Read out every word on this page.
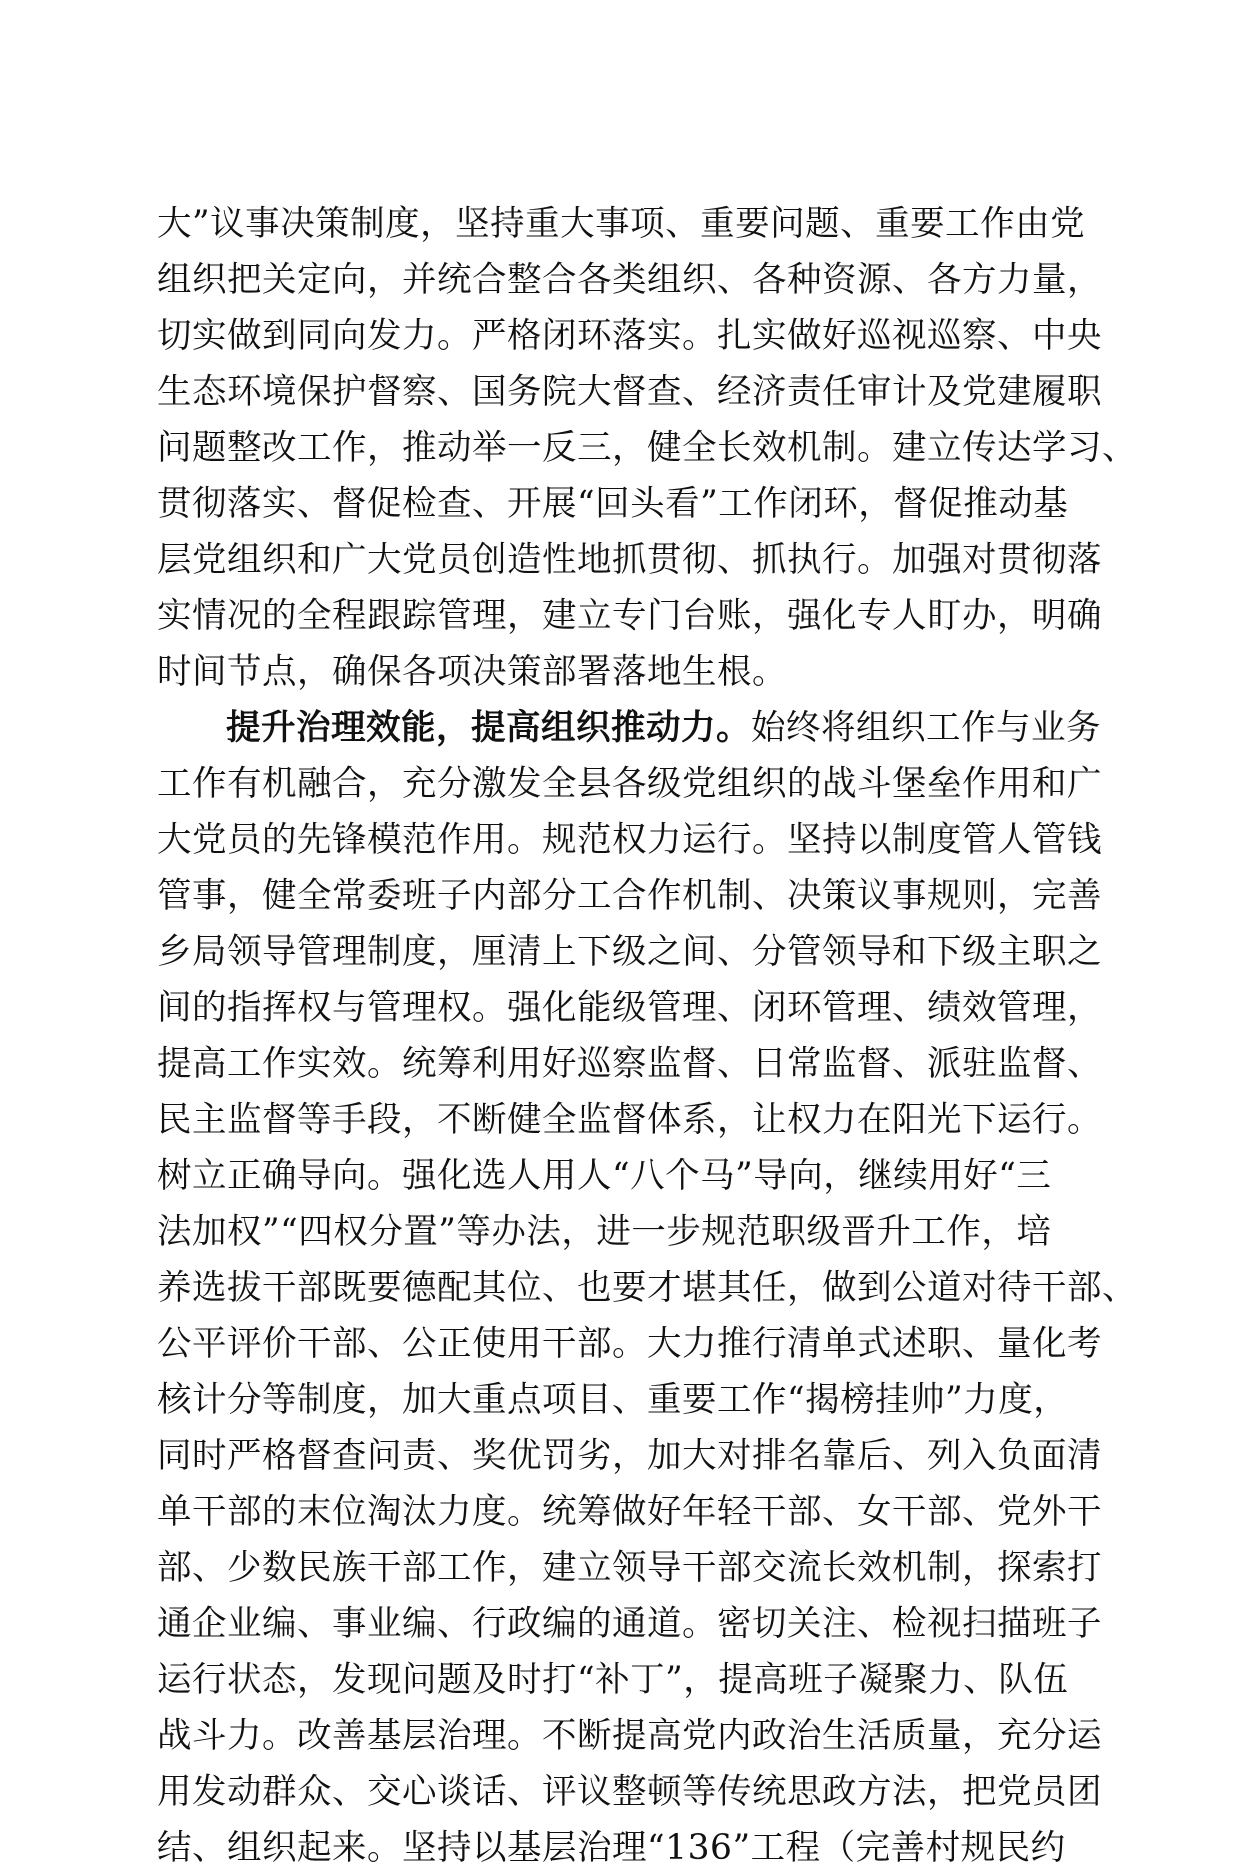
大”议事决策制度，坚持重大事项、重要问题、重要工作由党
组织把关定向，并统合整合各类组织、各种资源、各方力量，
切实做到同向发力。严格闭环落实。扎实做好巡视巡察、中央
生态环境保护督察、国务院大督查、经济责任审计及党建履职
问题整改工作，推动举一反三，健全长效机制。建立传达学习、
贯彻落实、督促检查、开展“回头看”工作闭环，督促推动基
层党组织和广大党员创造性地抓贯彻、抓执行。加强对贯彻落
实情况的全程跟踪管理，建立专门台账，强化专人盯办，明确
时间节点，确保各项决策部署落地生根。
提升治理效能，提高组织推动力。始终将组织工作与业务
工作有机融合，充分激发全县各级党组织的战斗堡垒作用和广
大党员的先锋模范作用。规范权力运行。坚持以制度管人管钱
管事，健全常委班子内部分工合作机制、决策议事规则，完善
乡局领导管理制度，厘清上下级之间、分管领导和下级主职之
间的指挥权与管理权。强化能级管理、闭环管理、绩效管理，
提高工作实效。统筹利用好巡察监督、日常监督、派驻监督、
民主监督等手段，不断健全监督体系，让权力在阳光下运行。
树立正确导向。强化选人用人“八个马”导向，继续用好“三
法加权”“四权分置”等办法，进一步规范职级晋升工作，培
养选拔干部既要德配其位、也要才堪其任，做到公道对待干部、
公平评价干部、公正使用干部。大力推行清单式述职、量化考
核计分等制度，加大重点项目、重要工作“揭榜挂帅”力度，
同时严格督查问责、奖优罚劣，加大对排名靠后、列入负面清
单干部的末位淘汰力度。统筹做好年轻干部、女干部、党外干
部、少数民族干部工作，建立领导干部交流长效机制，探索打
通企业编、事业编、行政编的通道。密切关注、检视扫描班子
运行状态，发现问题及时打“补丁”，提高班子凝聚力、队伍
战斗力。改善基层治理。不断提高党内政治生活质量，充分运
用发动群众、交心谈话、评议整顿等传统思政方法，把党员团
结、组织起来。坚持以基层治理“136”工程（完善村规民约
